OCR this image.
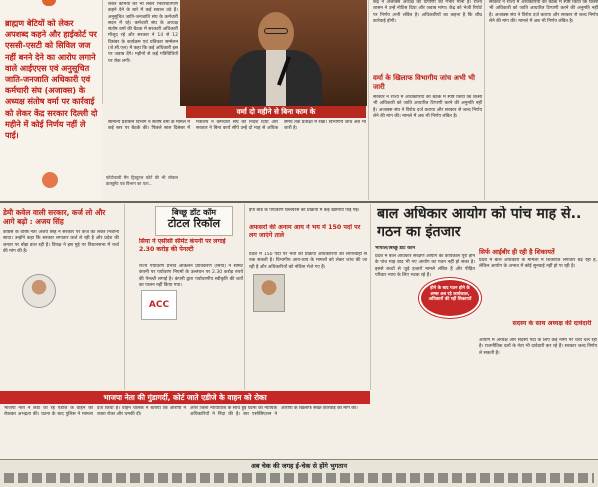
ब्राह्मण बेटियों को लेकर अपशब्द कहने और हाईकोर्ट पर एससी-एसटी को सिविल जज नहीं बनने देने का आरोप लगाने वाले आईएएस एवं अनुसूचित जाति-जनजाति अधिकारी एवं कर्मचारी संघ (अजाक्स) के अध्यक्ष संतोष वर्मा पर कार्रवाई को लेकर केंद्र सरकार दिल्ली दो महीने में कोई निर्णय नहीं ले पाई।
लेकर कर्मियों की भी लेकर भितरघातपण कहने देने के बारे में कई सवाल उठे हैं। अनुसूचित जाति-जनजाति संघ के कर्मचारी सदन में रहे। कर्मचारी संघ के अध्यक्ष संतोष वर्मा की बैठक में सरकारी अधिकारी मौजूद रहे और सरकार ने 14 से 12 दिसंबर के कार्यक्रम एवं प्रतिकार सम्मेलन (जे.सी.एल) में कहा कि कई अधिकारी इस पर जवाब देंगे। महीनों से कई गतिविधियों पर रोक लगी।
वर्मा दो महीने से बिना काम के
सामान्य प्रशासन विभाग ने संतोष वर्मा के मामले में कई स्तर पर बैठकें की। पिछले साल दिसंबर में मंत्रालय ने कर्मचारी संघ को निर्देश दिया और सरकार ने बिना कार्य सौंपे उन्हें दो माह से अधिक समय तक प्रतीक्षा में रखा। विभागीय जांच अब भी जारी है।
फोटोकापी मैन ट्रिब्यूनल कोर्ट की भी लोकल डाक्यूमेंट पत्र विभाग का पता...
केंद्र ने अजाक्स अध्यक्ष की टिप्पणी को गंभीर माना है। राज्य शासन ने उन्हें नोटिस दिया और जवाब मांगा। केंद्र को भेजी रिपोर्ट पर निर्णय अभी लंबित है। अधिकारियों का कहना है कि शीघ्र कार्रवाई होगी।
वर्मा के खिलाफ विभागीय जांच अभी भी जारी
सरकार ने राज्य में अधिकारियों की बैठक में स्पष्ट किया कि किसी भी अधिकारी को जाति आधारित टिप्पणी करने की अनुमति नहीं है। अजाक्स संघ ने विरोध दर्ज कराया और सरकार से जल्द निर्णय लेने की मांग की। मामले में अब भी निर्णय लंबित है।
सरकार ने राज्य में अधिकारियों की बैठक में स्पष्ट किया कि किसी भी अधिकारी को जाति आधारित टिप्पणी करने की अनुमति नहीं है। अजाक्स संघ ने विरोध दर्ज कराया और सरकार से जल्द निर्णय लेने की मांग की। मामले में अब भी निर्णय लंबित है।
डेमी कवेल वाली सरकार, कर्ज लो और आगे बढ़ो : अजय सिंह
कांग्रेस के वरिष्ठ नेता अजय सिंह ने सरकार पर कर्ज को लेकर निशाना साधा। उन्होंने कहा कि सरकार लगातार कर्ज ले रही है और प्रदेश की जनता पर बोझ डाल रही है। विपक्ष ने इस मुद्दे पर विधानसभा में चर्चा की मांग की है।
बिच्छू डॉट कॉम
टोटल रिकॉल
सिया ने एसीसी सीमेंट कंपनी पर लगाई 2.30 करोड़ की पेनल्टी
राज्य पर्यावरण प्रभाव आकलन प्राधिकरण (सिया) ने सीमेंट कंपनी पर पर्यावरण नियमों के उल्लंघन पर 2.30 करोड़ रुपये की पेनल्टी लगाई है। कंपनी द्वारा पर्यावरणीय स्वीकृति की शर्तों का पालन नहीं किया गया।
ACC
ईपी बोर्ड के पर्यावरण क्लियरेंस की प्रक्रिया में कई खामियां पाई गईं।
अफसरों की अनाम आय ने भय में 150 पदों पर लग जाएंगे ताले
प्रदेश में 150 पदों पर भर्ती की प्रक्रिया अधिकारियों की लापरवाही से रुक सकती है। विभागीय आय-व्यय के मामलों को लेकर जांच की जा रही है और अधिकारियों को नोटिस भेजे गए हैं।
बाल अधिकार आयोग को पांच माह से.. गठन का इंतजार
भोपाल/बिच्छू डॉट कॉम
प्रदेश में बाल अधिकार संरक्षण आयोग का कार्यकाल पूरा होने के पांच माह बाद भी नए आयोग का गठन नहीं हो सका है। इससे बच्चों से जुड़े हजारों मामले लंबित हैं और पीड़ित परिवार न्याय के लिए भटक रहे हैं।
होने के बाद गठन होने के लम्बा अब रहे कार्यकाल, अधिकारों की रहीं शिकायतें
सिर्फ आईबीर ही रही है शिकायतें
प्रदेश में बाल अधिकारों के मामलों में शिकायतें लगातार बढ़ रही हैं, लेकिन आयोग के अभाव में कोई सुनवाई नहीं हो पा रही है।
सदस्य के साथ अध्यक्ष की दावेदारी
आयोग में अध्यक्ष और सदस्य पदों के लिए कई नामों पर चर्चा चल रही है। राजनीतिक दलों के नेता भी दावेदारी कर रहे हैं। सरकार जल्द निर्णय ले सकती है।
भाजपा नेता की गुंडागर्दी, कोर्ट जाते एडीजे के वाहन को रोका
भाजपा नेता ने कोर्ट जा रहे एडीजे के वाहन को रोककर अभद्रता की। घटना के बाद पुलिस ने मामला दर्ज किया है। वाहन चालक ने बताया कि आरोपी ने रास्ता रोका और धमकी दी।
अपर जिला न्यायाधीश के साथ हुई घटना की न्यायिक अधिकारियों ने निंदा की है। बार एसोसिएशन ने आरोपी के खिलाफ सख्त कार्रवाई की मांग की।
अब चेक की जगह ई-चेक से होंगे भुगतान
